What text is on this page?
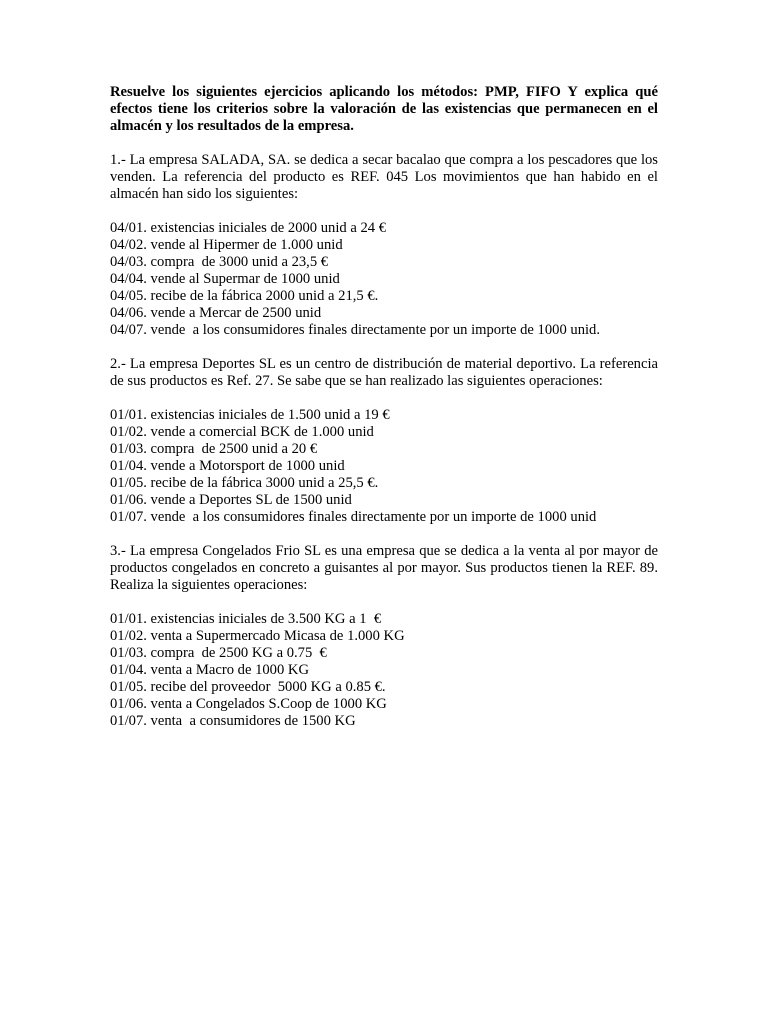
Resuelve los siguientes ejercicios aplicando los métodos: PMP, FIFO Y explica qué efectos tiene los criterios sobre la valoración de las existencias que permanecen en el almacén y los resultados de la empresa.

1.- La empresa SALADA, SA. se dedica a secar bacalao que compra a los pescadores que los venden. La referencia del producto es REF. 045 Los movimientos que han habido en el almacén han sido los siguientes:

04/01. existencias iniciales de 2000 unid a 24 €
04/02. vende al Hipermer de 1.000 unid
04/03. compra  de 3000 unid a 23,5 €
04/04. vende al Supermar de 1000 unid
04/05. recibe de la fábrica 2000 unid a 21,5 €.
04/06. vende a Mercar de 2500 unid
04/07. vende  a los consumidores finales directamente por un importe de 1000 unid.

2.- La empresa Deportes SL es un centro de distribución de material deportivo. La referencia de sus productos es Ref. 27. Se sabe que se han realizado las siguientes operaciones:

01/01. existencias iniciales de 1.500 unid a 19 €
01/02. vende a comercial BCK de 1.000 unid
01/03. compra  de 2500 unid a 20 €
01/04. vende a Motorsport de 1000 unid
01/05. recibe de la fábrica 3000 unid a 25,5 €.
01/06. vende a Deportes SL de 1500 unid
01/07. vende  a los consumidores finales directamente por un importe de 1000 unid

3.- La empresa Congelados Frio SL es una empresa que se dedica a la venta al por mayor de productos congelados en concreto a guisantes al por mayor. Sus productos tienen la REF. 89. Realiza la siguientes operaciones:

01/01. existencias iniciales de 3.500 KG a 1  €
01/02. venta a Supermercado Micasa de 1.000 KG
01/03. compra  de 2500 KG a 0.75  €
01/04. venta a Macro de 1000 KG
01/05. recibe del proveedor  5000 KG a 0.85 €.
01/06. venta a Congelados S.Coop de 1000 KG
01/07. venta  a consumidores de 1500 KG
